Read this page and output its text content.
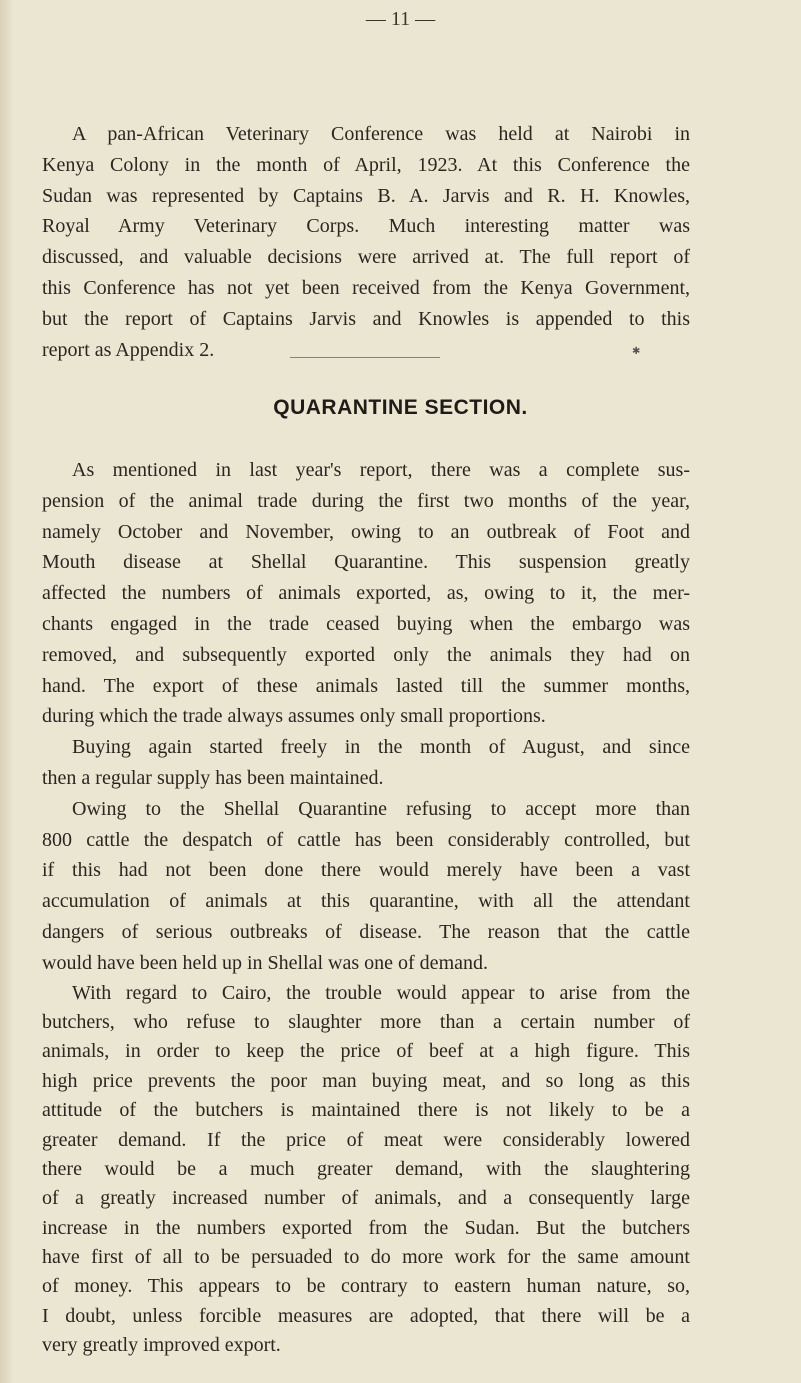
— 11 —
A pan-African Veterinary Conference was held at Nairobi in
Kenya Colony in the month of April, 1923. At this Conference the
Sudan was represented by Captains B. A. Jarvis and R. H. Knowles,
Royal Army Veterinary Corps. Much interesting matter was
discussed, and valuable decisions were arrived at. The full report of
this Conference has not yet been received from the Kenya Government,
but the report of Captains Jarvis and Knowles is appended to this
report as Appendix 2.	✱
QUARANTINE SECTION.
As mentioned in last year's report, there was a complete sus-
pension of the animal trade during the first two months of the year,
namely October and November, owing to an outbreak of Foot and
Mouth disease at Shellal Quarantine. This suspension greatly
affected the numbers of animals exported, as, owing to it, the mer-
chants engaged in the trade ceased buying when the embargo was
removed, and subsequently exported only the animals they had on
hand. The export of these animals lasted till the summer months,
during which the trade always assumes only small proportions.
Buying again started freely in the month of August, and since
then a regular supply has been maintained.
Owing to the Shellal Quarantine refusing to accept more than
800 cattle the despatch of cattle has been considerably controlled, but
if this had not been done there would merely have been a vast
accumulation of animals at this quarantine, with all the attendant
dangers of serious outbreaks of disease. The reason that the cattle
would have been held up in Shellal was one of demand.
With regard to Cairo, the trouble would appear to arise from the
butchers, who refuse to slaughter more than a certain number of
animals, in order to keep the price of beef at a high figure. This
high price prevents the poor man buying meat, and so long as this
attitude of the butchers is maintained there is not likely to be a
greater demand. If the price of meat were considerably lowered
there would be a much greater demand, with the slaughtering
of a greatly increased number of animals, and a consequently large
increase in the numbers exported from the Sudan. But the butchers
have first of all to be persuaded to do more work for the same amount
of money. This appears to be contrary to eastern human nature, so,
I doubt, unless forcible measures are adopted, that there will be a
very greatly improved export.
